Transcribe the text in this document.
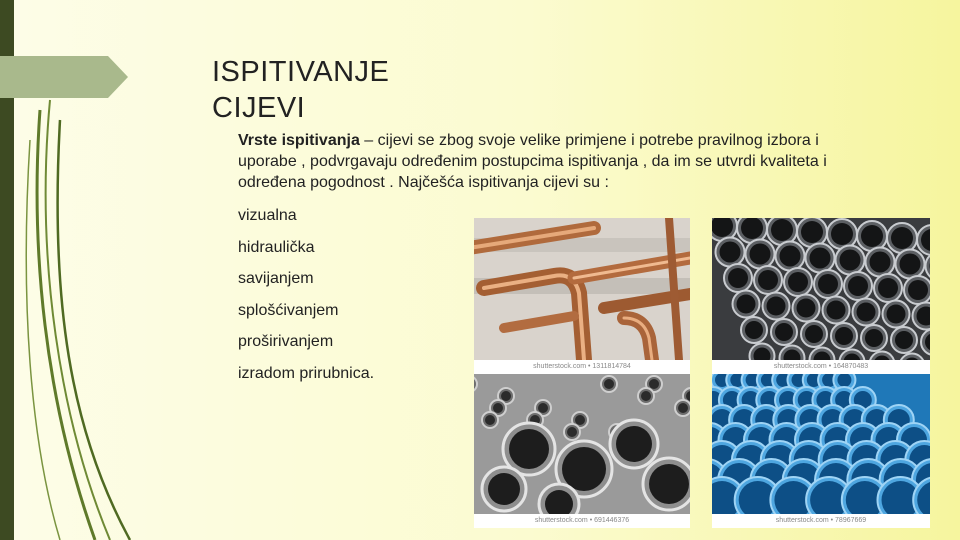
ISPITIVANJE
CIJEVI
Vrste ispitivanja – cijevi se zbog svoje velike primjene i potrebe pravilnog izbora i uporabe , podvrgavaju određenim postupcima ispitivanja , da im se utvrdi kvaliteta i određena pogodnost . Najčešća ispitivanja cijevi su :
vizualna
hidraulička
savijanjem
splošćivanjem
proširivanjem
izradom prirubnica.	shutterstock.com • 1311814784	shutterstock.com • 164870483
shutterstock.com • 691446376	shutterstock.com • 78967669
